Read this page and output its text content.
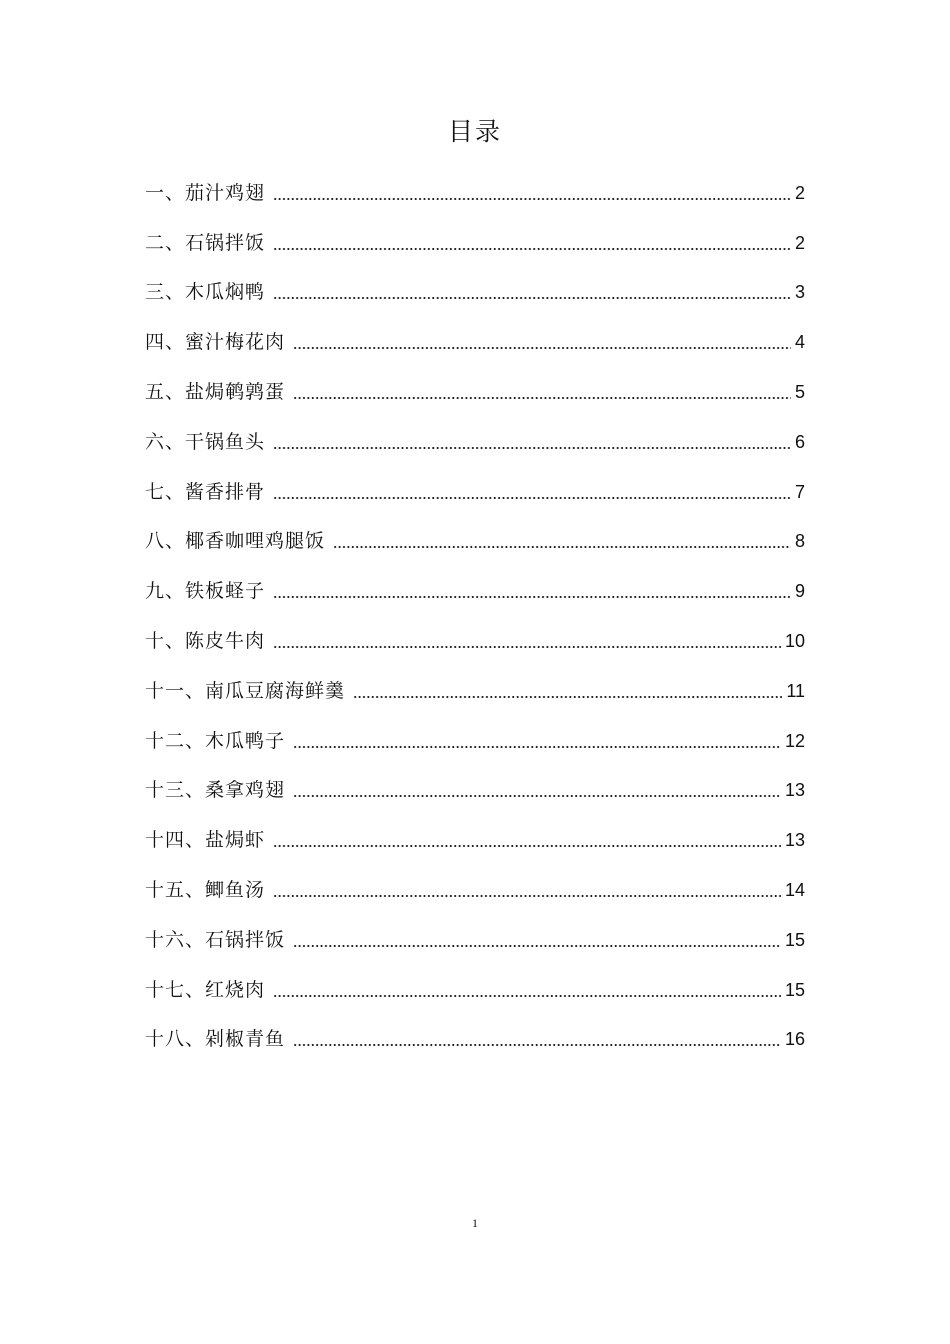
目录
一、茄汁鸡翅	2
二、石锅拌饭	2
三、木瓜焖鸭	3
四、蜜汁梅花肉	4
五、盐焗鹌鹑蛋	5
六、干锅鱼头	6
七、酱香排骨	7
八、椰香咖哩鸡腿饭	8
九、铁板蛏子	9
十、陈皮牛肉	10
十一、南瓜豆腐海鲜羹	11
十二、木瓜鸭子	12
十三、桑拿鸡翅	13
十四、盐焗虾	13
十五、鲫鱼汤	14
十六、石锅拌饭	15
十七、红烧肉	15
十八、剁椒青鱼	16
1
